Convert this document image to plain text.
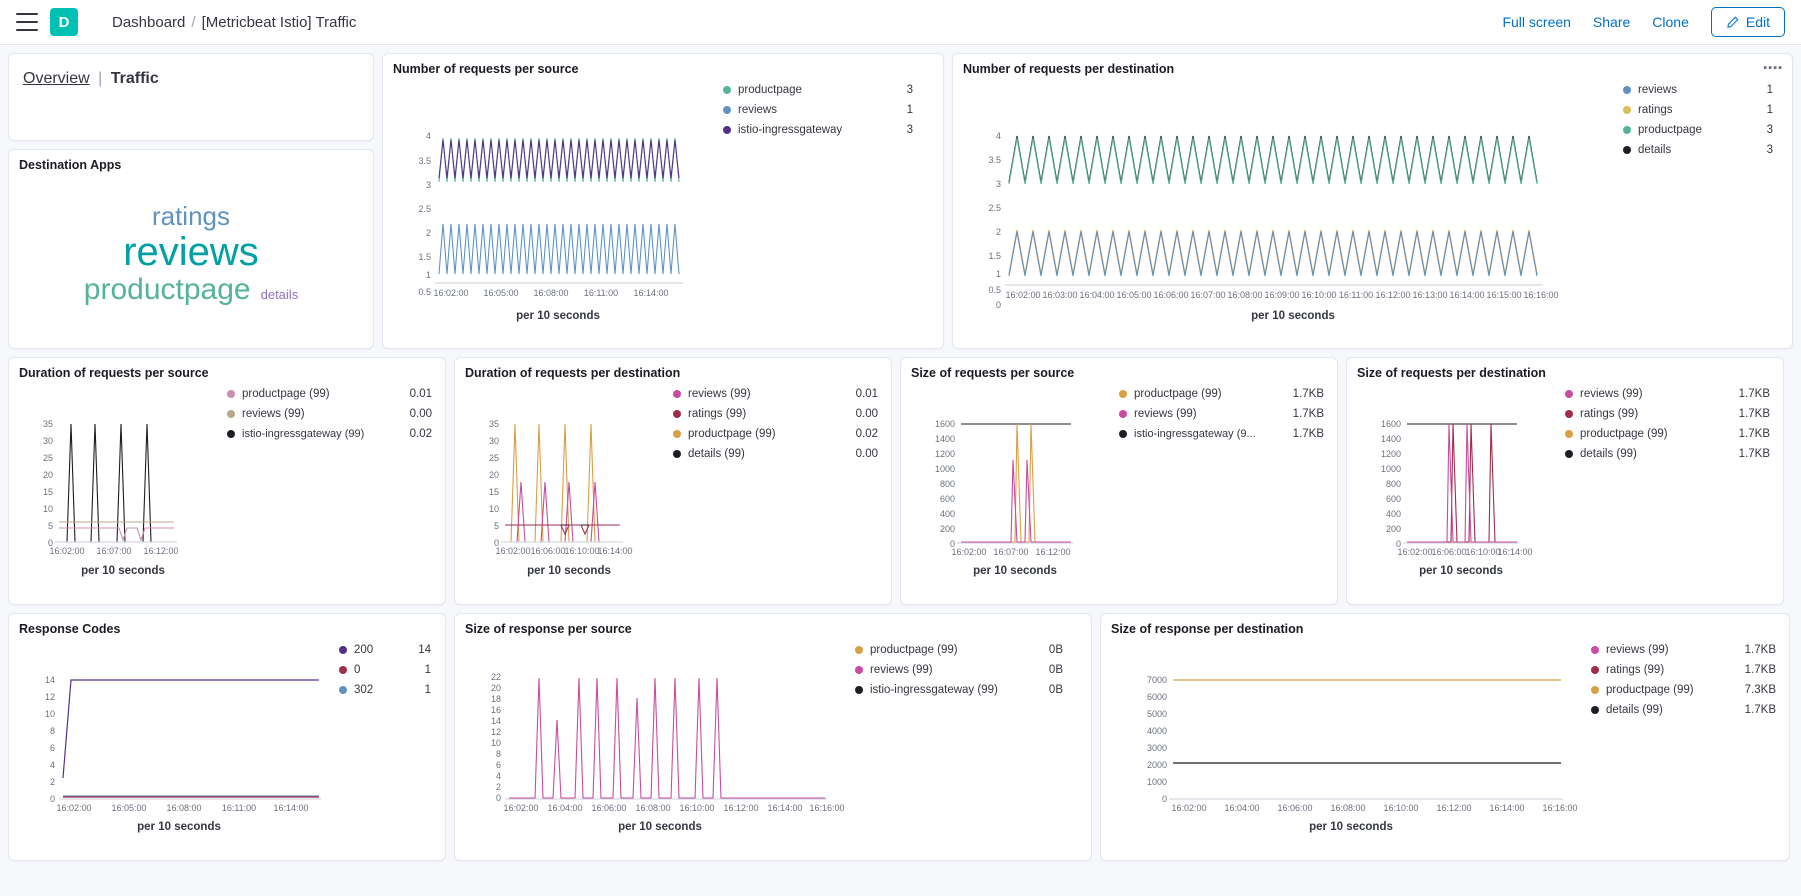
D	Dashboard / [Metricbeat Istio] Traffic	Full screen Share Clone	Edit
Overview | Traffic
Destination Apps
ratings
reviews
productpage details
Number of requests per source
4
3.5
3
2.5
2
1.5
1
0.5 16:02:00 16:05:00 16:08:00 16:11:00 16:14:00
per 10 seconds
productpage	3
reviews	1
istio-ingressgateway	3
Number of requests per destination	▪▪▪▪
4
3.5
3
2.5
2
1.5
1
0.5
0
16:02:00 16:03:00 16:04:00 16:05:00 16:06:00 16:07:00 16:08:00 16:09:00 16:10:00 16:11:00 16:12:00 16:13:00 16:14:00 16:15:00 16:16:00
per 10 seconds
reviews	1
ratings	1
productpage	3
details	3
Duration of requests per source
35
30
25
20
15
10
5
0
16:02:00 16:07:00 16:12:00
per 10 seconds
productpage (99)	0.01
reviews (99)	0.00
istio-ingressgateway (99)	0.02
Duration of requests per destination
35
30
25
20
15
10
5
0
16:02:00 16:06:00
16:10:00
16:14:00
per 10 seconds
reviews (99)	0.01
ratings (99)	0.00
productpage (99)	0.02
details (99)	0.00
Size of requests per source
1600
1400
1200
1000
800
600
400
200
0
16:02:00 16:07:00 16:12:00
per 10 seconds
productpage (99)	1.7KB
reviews (99)	1.7KB
istio-ingressgateway (9...	1.7KB
Size of requests per destination
1600
1400
1200
1000
800
600
400
200
0
16:02:00
16:06:00
16:10:00
16:14:00
per 10 seconds
reviews (99)	1.7KB
ratings (99)	1.7KB
productpage (99)	1.7KB
details (99)	1.7KB
Response Codes
14
12
10
8
6
4
2
0
16:02:00 16:05:00 16:08:00 16:11:00 16:14:00
per 10 seconds
200	14
0	1
302	1
Size of response per source
22
20
18
16
14
12
10
8
6
4
2
0
16:02:00 16:04:00 16:06:00 16:08:00 16:10:00 16:12:00 16:14:00 16:16:00
per 10 seconds
productpage (99)	0B
reviews (99)	0B
istio-ingressgateway (99)	0B
Size of response per destination
7000
6000
5000
4000
3000
2000
1000
0
16:02:00 16:04:00 16:06:00 16:08:00 16:10:00 16:12:00 16:14:00 16:16:00
per 10 seconds
reviews (99)	1.7KB
ratings (99)	1.7KB
productpage (99)	7.3KB
details (99)	1.7KB
